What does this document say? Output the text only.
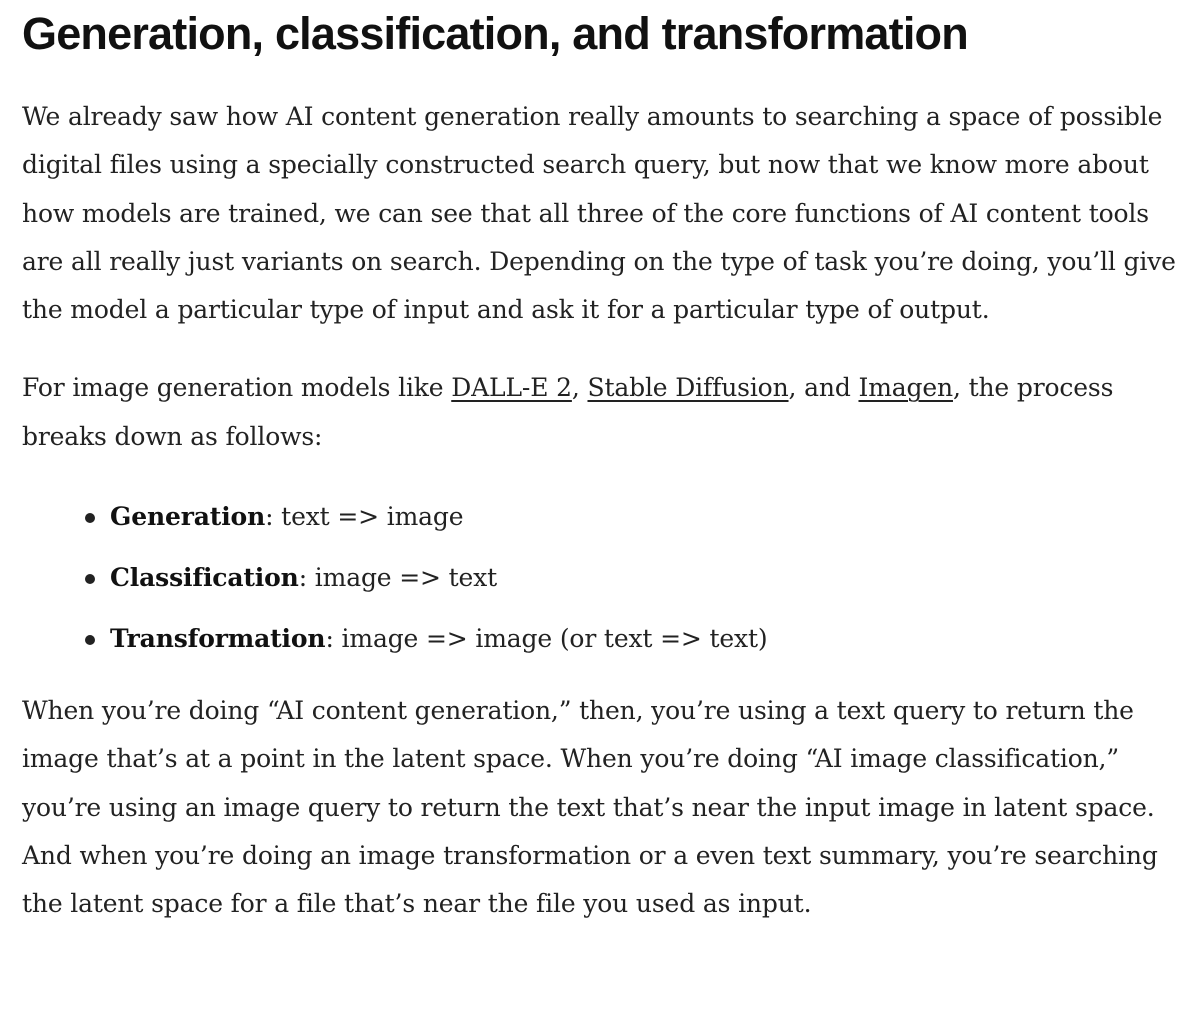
Generation, classification, and transformation

We already saw how AI content generation really amounts to searching a space of possible digital files using a specially constructed search query, but now that we know more about how models are trained, we can see that all three of the core functions of AI content tools are all really just variants on search. Depending on the type of task you’re doing, you’ll give the model a particular type of input and ask it for a particular type of output.

For image generation models like DALL-E 2, Stable Diffusion, and Imagen, the process breaks down as follows:

Generation: text => image
Classification: image => text
Transformation: image => image (or text => text)

When you’re doing “AI content generation,” then, you’re using a text query to return the image that’s at a point in the latent space. When you’re doing “AI image classification,” you’re using an image query to return the text that’s near the input image in latent space. And when you’re doing an image transformation or a even text summary, you’re searching the latent space for a file that’s near the file you used as input.
